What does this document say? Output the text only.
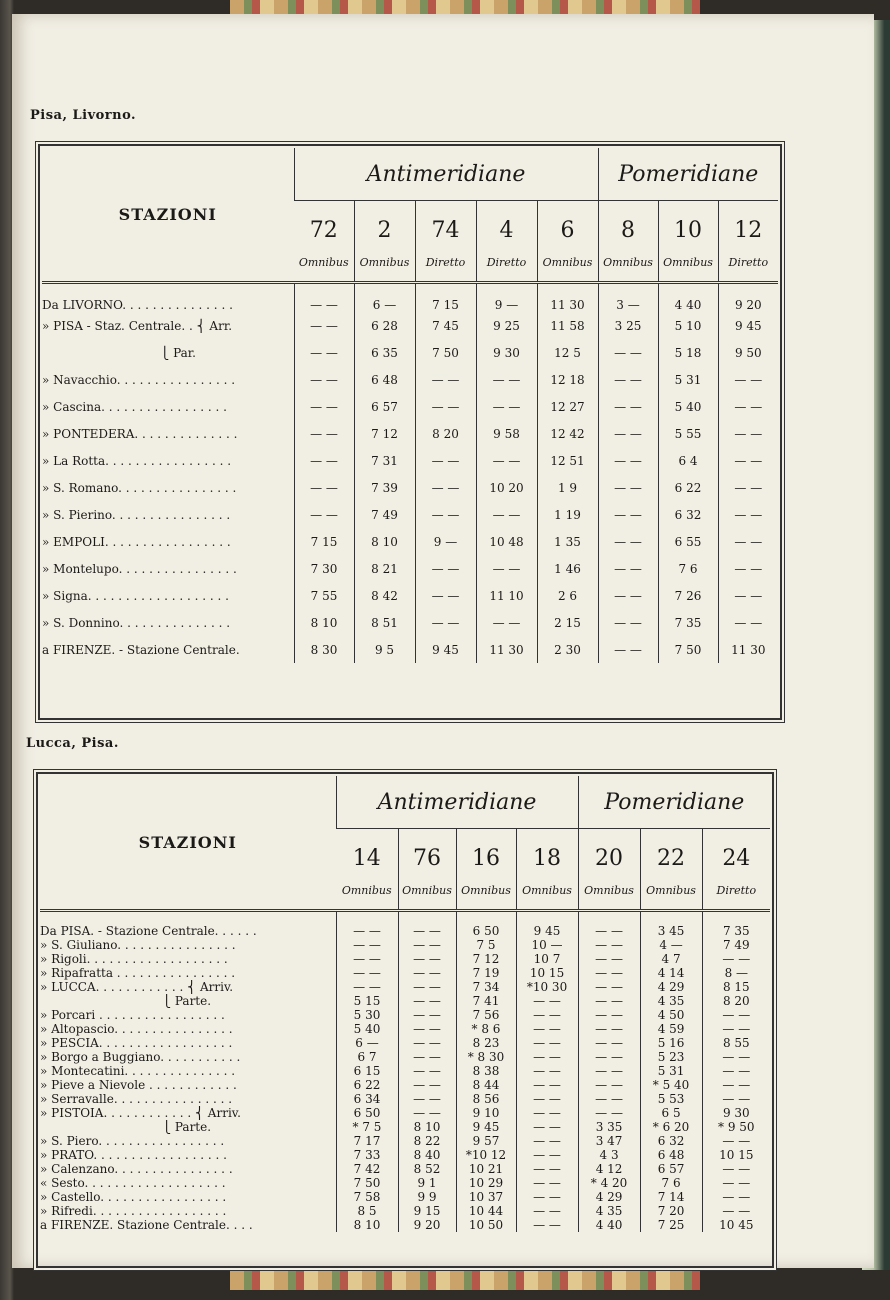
Pisa, Livorno.
STAZIONI	Antimeridiane					Pomeridiane		
	72	2	74	4	6	8	10	12
	Omnibus	Omnibus	Diretto	Diretto	Omnibus	Omnibus	Omnibus	Diretto
Da LIVORNO. . . . . . . . . . . . . . .	— —	6 —	7 15	9 —	11 30	3 —	4 40	9 20
» PISA - Staz. Centrale. . ⎨ Arr.	— —	6 28	7 45	9 25	11 58	3 25	5 10	9 45
⎩ Par.	— —	6 35	7 50	9 30	12 5	— —	5 18	9 50
» Navacchio. . . . . . . . . . . . . . . .	— —	6 48	— —	— —	12 18	— —	5 31	— —
» Cascina. . . . . . . . . . . . . . . . .	— —	6 57	— —	— —	12 27	— —	5 40	— —
» PONTEDERA. . . . . . . . . . . . . .	— —	7 12	8 20	9 58	12 42	— —	5 55	— —
» La Rotta. . . . . . . . . . . . . . . . .	— —	7 31	— —	— —	12 51	— —	6 4	— —
» S. Romano. . . . . . . . . . . . . . . .	— —	7 39	— —	10 20	1 9	— —	6 22	— —
» S. Pierino. . . . . . . . . . . . . . . .	— —	7 49	— —	— —	1 19	— —	6 32	— —
» EMPOLI. . . . . . . . . . . . . . . . .	7 15	8 10	9 —	10 48	1 35	— —	6 55	— —
» Montelupo. . . . . . . . . . . . . . . .	7 30	8 21	— —	— —	1 46	— —	7 6	— —
» Signa. . . . . . . . . . . . . . . . . . .	7 55	8 42	— —	11 10	2 6	— —	7 26	— —
» S. Donnino. . . . . . . . . . . . . . .	8 10	8 51	— —	— —	2 15	— —	7 35	— —
a FIRENZE. - Stazione Centrale.	8 30	9 5	9 45	11 30	2 30	— —	7 50	11 30
Lucca, Pisa.
STAZIONI	Antimeridiane				Pomeridiane		
	14	76	16	18	20	22	24
	Omnibus	Omnibus	Omnibus	Omnibus	Omnibus	Omnibus	Diretto
Da PISA. - Stazione Centrale. . . . . .	— —	— —	6 50	9 45	— —	3 45	7 35
» S. Giuliano. . . . . . . . . . . . . . . .	— —	— —	7 5	10 —	— —	4 —	7 49
» Rigoli. . . . . . . . . . . . . . . . . . .	— —	— —	7 12	10 7	— —	4 7	— —
» Ripafratta . . . . . . . . . . . . . . . .	— —	— —	7 19	10 15	— —	4 14	8 —
» LUCCA. . . . . . . . . . . . ⎨ Arriv.	— —	— —	7 34	*10 30	— —	4 29	8 15
⎩ Parte.	5 15	— —	7 41	— —	— —	4 35	8 20
» Porcari . . . . . . . . . . . . . . . . .	5 30	— —	7 56	— —	— —	4 50	— —
» Altopascio. . . . . . . . . . . . . . . .	5 40	— —	* 8 6	— —	— —	4 59	— —
» PESCIA. . . . . . . . . . . . . . . . . .	6 —	— —	8 23	— —	— —	5 16	8 55
» Borgo a Buggiano. . . . . . . . . . .	6 7	— —	* 8 30	— —	— —	5 23	— —
» Montecatini. . . . . . . . . . . . . . .	6 15	— —	8 38	— —	— —	5 31	— —
» Pieve a Nievole . . . . . . . . . . . .	6 22	— —	8 44	— —	— —	* 5 40	— —
» Serravalle. . . . . . . . . . . . . . . .	6 34	— —	8 56	— —	— —	5 53	— —
» PISTOIA. . . . . . . . . . . . ⎨ Arriv.	6 50	— —	9 10	— —	— —	6 5	9 30
⎩ Parte.	* 7 5	8 10	9 45	— —	3 35	* 6 20	* 9 50
» S. Piero. . . . . . . . . . . . . . . . .	7 17	8 22	9 57	— —	3 47	6 32	— —
» PRATO. . . . . . . . . . . . . . . . . .	7 33	8 40	*10 12	— —	4 3	6 48	10 15
» Calenzano. . . . . . . . . . . . . . . .	7 42	8 52	10 21	— —	4 12	6 57	— —
« Sesto. . . . . . . . . . . . . . . . . . .	7 50	9 1	10 29	— —	* 4 20	7 6	— —
» Castello. . . . . . . . . . . . . . . . .	7 58	9 9	10 37	— —	4 29	7 14	— —
» Rifredi. . . . . . . . . . . . . . . . . .	8 5	9 15	10 44	— —	4 35	7 20	— —
a FIRENZE. Stazione Centrale. . . .	8 10	9 20	10 50	— —	4 40	7 25	10 45
